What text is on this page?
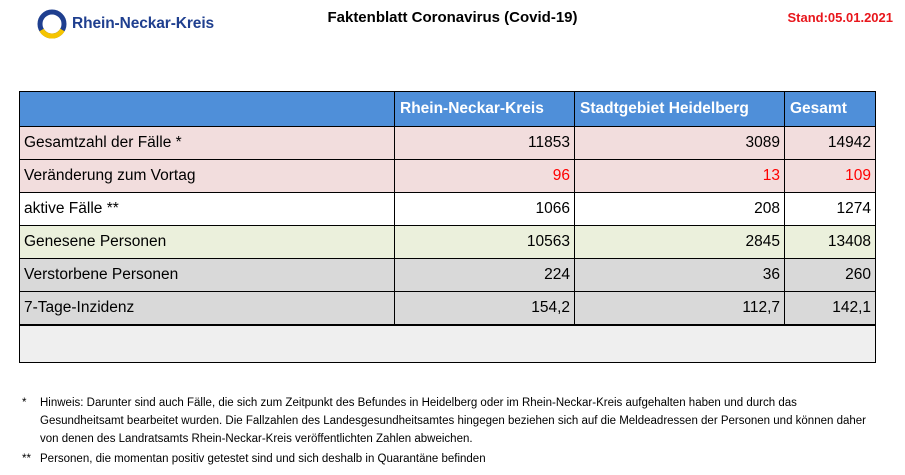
Rhein-Neckar-Kreis	Faktenblatt Coronavirus (Covid-19)	Stand:05.01.2021
	Rhein-Neckar-Kreis	Stadtgebiet Heidelberg	Gesamt
Gesamtzahl der Fälle *	11853	3089	14942
Veränderung zum Vortag	96	13	109
aktive Fälle **	1066	208	1274
Genesene Personen	10563	2845	13408
Verstorbene Personen	224	36	260
7-Tage-Inzidenz	154,2	112,7	142,1

*	Hinweis: Darunter sind auch Fälle, die sich zum Zeitpunkt des Befundes in Heidelberg oder im Rhein-Neckar-Kreis aufgehalten haben und durch das Gesundheitsamt bearbeitet wurden. Die Fallzahlen des Landesgesundheitsamtes hingegen beziehen sich auf die Meldeadressen der Personen und können daher von denen des Landratsamts Rhein-Neckar-Kreis veröffentlichten Zahlen abweichen.
** Personen, die momentan positiv getestet sind und sich deshalb in Quarantäne befinden
